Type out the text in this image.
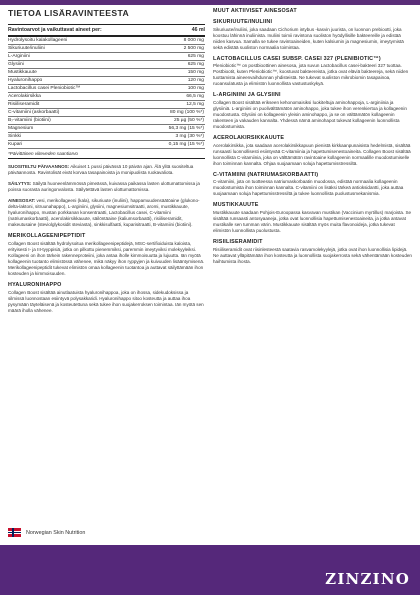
TIETOA LISÄRAVINTEESTA
Ravintoarvot ja vaikuttavat aineet per:	46 ml
Hydrolysoitu kalakollageeni	8 000 mg
Sikuriuute/inuliini	2 500 mg
L-Arginiini	625 mg
Glysiini	625 mg
Mustikkauute	150 mg
Hyaluronihappo	120 mg
Lactobacillus casei Pleniobiotic™	100 mg
Acerolakirsikka	66,5 mg
Risiiliseramidit	12,5 mg
C-vitamiini (askorbaatti)	80 mg (100 %*)
B₇-vitamiini (biotiini)	25 µg (50 %*)
Magnesium	56,3 mg (15 %*)
Sinkki	3 mg (30 %*)
Kupari	0,15 mg (15 %*)
*Päivittäinen viiteveden saantiarvo

SUOSITELTU PÄIVAANNOS: Aikuiset 1 pussi päivässä 10 päivän ajan. Älä ylitä suositeltua päiväannosta. Ravintolisät eivät korvaa tasapainoista ja monipuolista ruokavaliota.

SÄILYTYS: Säilytä huoneenlämmössä pimeässä, kuivassa paikassa lasten ulottumattomissa ja poissa suorasta auringonvalosta. Säilytettävä lasten ulottumattomissa.

AINESOSAT: vesi, merikollageeni (kala), sikuriuute (inuliini), happamuudensäätöaine (glukono-delta-laktoni, sitruunahappo), L-arginiini, glysiini, magnesiumsitraatti, aromi, mustikkauute, hyaluronihappo, mustan porkkanan konsentraatti, Lactobacillus casei, C-vitamiini (natriumaskorbaatti), acerolakirsikkauute, säilöntäaine (kaliumsorbaatti), risiiliseramidit, makeutusaine (steviolglykosidit steviasta), sinkkisulfaatti, kuparisitraatti, B-vitamiini (biotiini).

MERIKOLLAGEENIPEPTIDIT

Collagen Boost sisältää hydrolysoitua merikollageenipeptidejä, MSC-sertifioiduista kaloista, erityisesti I- ja III-tyyppisiä, jotka on pilkottu pienemmiksi, paremmin imeytyviksi molekyyleiksi. Kollageeni on ihon tärkein rakenneproteiini, joka antaa iholle kimmoisuutta ja lujuutta. Iän myötä kollageenin tuotanto elimistössä vähenee, mikä näkyy ihon ryppyjen ja kuivuuden lisääntymisenä. Merikollageenipeptidit tukevat elimistön omaa kollageenin tuotantoa ja auttavat säilyttämään ihon kosteuden ja kimmoisuuden.

HYALURONIHAPPO

Collagen Boost sisältää ainutlaatuista hyaluronihappoa, joka on ihossa, sidekudoksissa ja silmissä luonnostaan esiintyvä polysakkaridi. Hyaluronihappo sitoo kosteutta ja auttaa ihoa pysymään täyteläisenä ja kosteutettuna sekä tukee ihon suojakerroksen toimintaa. Iän myötä sen määrä iholla vähenee.

MUUT AKTIIVISET AINESOSAT
SIKURIUUTE/INULIINI

Sikuriuute/inuliini, joka saadaan Cichorium intybus -kasvin juurista, on luonnon prebiootti, joka koostuu lähinnä inuliinista. Inuliini toimii ravintona suoliston hyödyllisille bakteereille ja edistää niiden kasvua. Samalla se tukee ravintoaineiden, kuten kalsiumin ja magnesiumin, imeytymistä sekä edistää suoliston normaalia toimintaa.

LACTOBACILLUS CASEI SUBSP. CASEI 327 (PLENIBIOTIC™)

Pleniobiotic™ on postbioottinen ainesosa, jota suvun Lactobacillus casei-bakteeri 327 tuottaa. Postbiootit, kuten Pleniobiotic™, koostuvat bakteereista, jotka ovat eläviä bakteereja, sekä niiden tuottamista aineenvaihdunnan yhdisteistä. Ne tukevat suoliston mikrobiomin tasapainoa, ruoansulatusta ja elimistön luonnollista vastustuskykyä.

L-ARGINIINI JA GLYSIINI

Collagen Boost sisältää erikseen kehonomaisiksi luokiteltuja aminohappoja, L-arginiinia ja glysiiniä. L-arginiini on puolivälttämätön aminohappo, joka tukee ihon verenkiertoa ja kollageenin muodostusta. Glysiini on kollageenin yleisin aminohappo, ja se on välttämätön kollageenin rakenteen ja vakauden kannalta. Yhdessä nämä aminohapot tukevat kollageenin luonnollista muodostumista.

ACEROLAKIRSIKKAUUTE

Acerolakirsikka, jota saadaan acerolakirsikkapuun pienistä kirkkaanpunaisista hedelmistä, sisältää runsaasti luonnollisesti esiintyvää C-vitamiinia ja hapettumisenestoaineita. Collagen Boost sisältää luonnollista C-vitamiinia, joka on välttämätön ravintoaine kollageenin normaalille muodostumiselle ihon toiminnan kannalta. Ohjaa suojaamaan soluja hapettumisstressiltä.

C-VITAMIINI (NATRIUMASKORBAATTI)

C-vitamiini, jota on tuotteessa natriumaskorbaatin muodossa, edistää normaalia kollageenin muodostumista ihon toiminnan kannalta. C-vitamiini on lisäksi tärkeä antioksidantti, joka auttaa suojaamaan soluja hapettumisstressiltä ja tukee luonnollista puolustusmekanismia.

MUSTIKKAUUTE

Mustikkauute saadaan Pohjois-Euroopassa kasvavan mustikan (Vaccinium myrtillus) marjoista. Se sisältää runsaasti antosyaaneja, jotka ovat luonnollisia hapettumisenestoaineita, ja jotka antavat mustikalle sen tumman värin. Mustikkauute sisältää myös muita flavonoideja, jotka tukevat elimistön luonnollista puolustusta.

RISIILISERAMIDIT

Risiiliseramidit ovat riisinlesteestä saatavia rasvamolekyylejä, jotka ovat ihon luonnollisia lipidejä. Ne auttavat ylläpitämään ihon kosteutta ja luonnollista suojakerrosta sekä vähentämään kosteuden haihtumista ihosta.

Norwegian Skin Nutrition
ZINZINO
